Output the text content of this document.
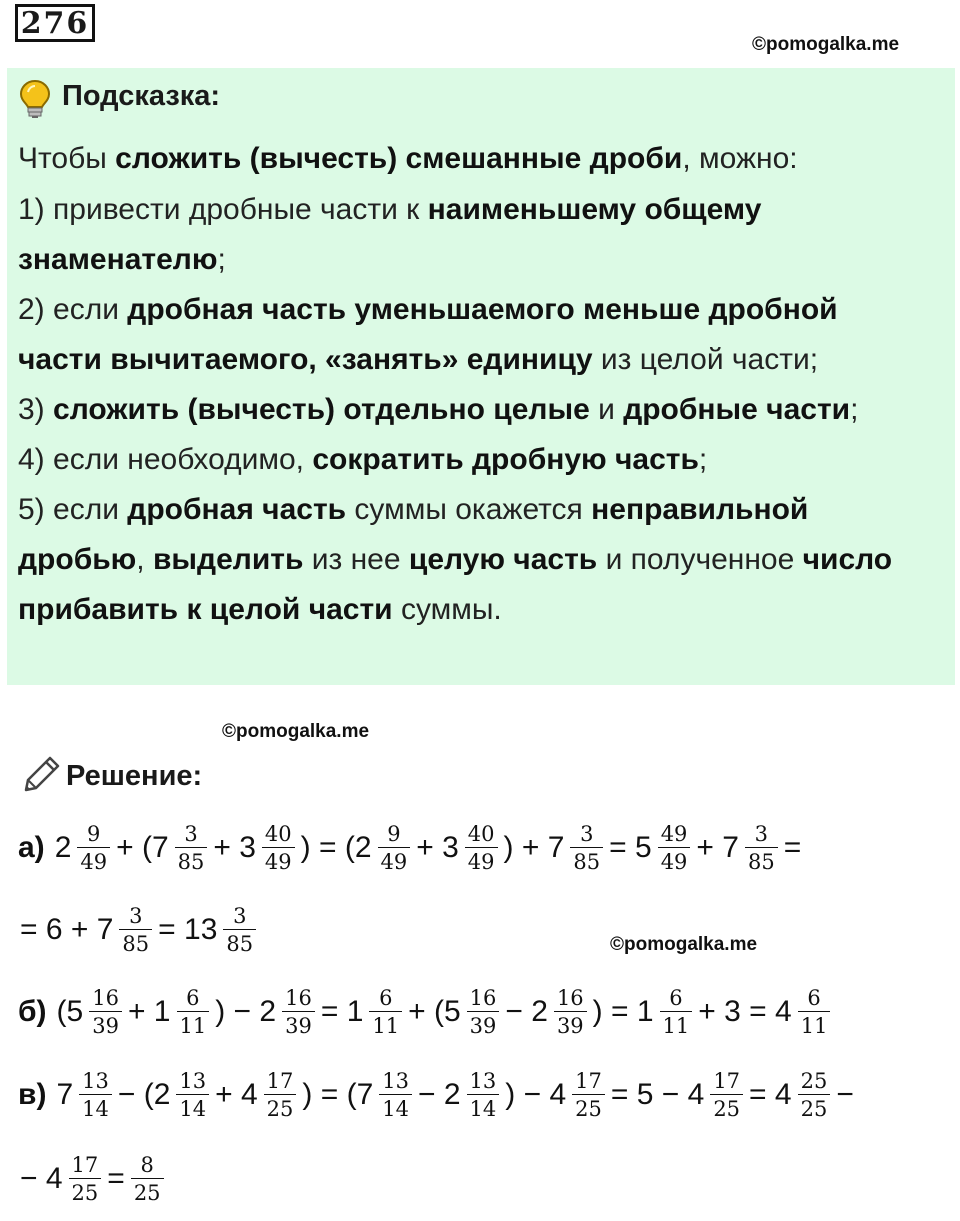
276
©pomogalka.me
Подсказка:
Чтобы сложить (вычесть) смешанные дроби, можно:
1) привести дробные части к наименьшему общему
знаменателю;
2) если дробная часть уменьшаемого меньше дробной
части вычитаемого, «занять» единицу из целой части;
3) сложить (вычесть) отдельно целые и дробные части;
4) если необходимо, сократить дробную часть;
5) если дробная часть суммы окажется неправильной
дробью, выделить из нее целую часть и полученное число
прибавить к целой части суммы.
©pomogalka.me
Решение:
а) $2 \frac{9}{49} + (7 \frac{3}{85} + 3 \frac{40}{49}$ ) = ($2 \frac{9}{49} + 3 \frac{40}{49}$ ) + $7 \frac{3}{85} = 5 \frac{49}{49} + 7 \frac{3}{85}$ =
= $6 + 7 \frac{3}{85} = 13 \frac{3}{85}$	©pomogalka.me
б) ($5 \frac{16}{39} + 1 \frac{6}{11}$ ) − $2 \frac{16}{39} = 1 \frac{6}{11} + (5 \frac{16}{39} - 2 \frac{16}{39}$ ) = $1 \frac{6}{11} + 3 = 4 \frac{6}{11}$
в) $7 \frac{13}{14} - (2 \frac{13}{14} + 4 \frac{17}{25}$ ) = ($7 \frac{13}{14} - 2 \frac{13}{14}$ ) − $4 \frac{17}{25} = 5 - 4 \frac{17}{25} = 4 \frac{25}{25}$ −
− $4 \frac{17}{25} = \frac{8}{25}$
